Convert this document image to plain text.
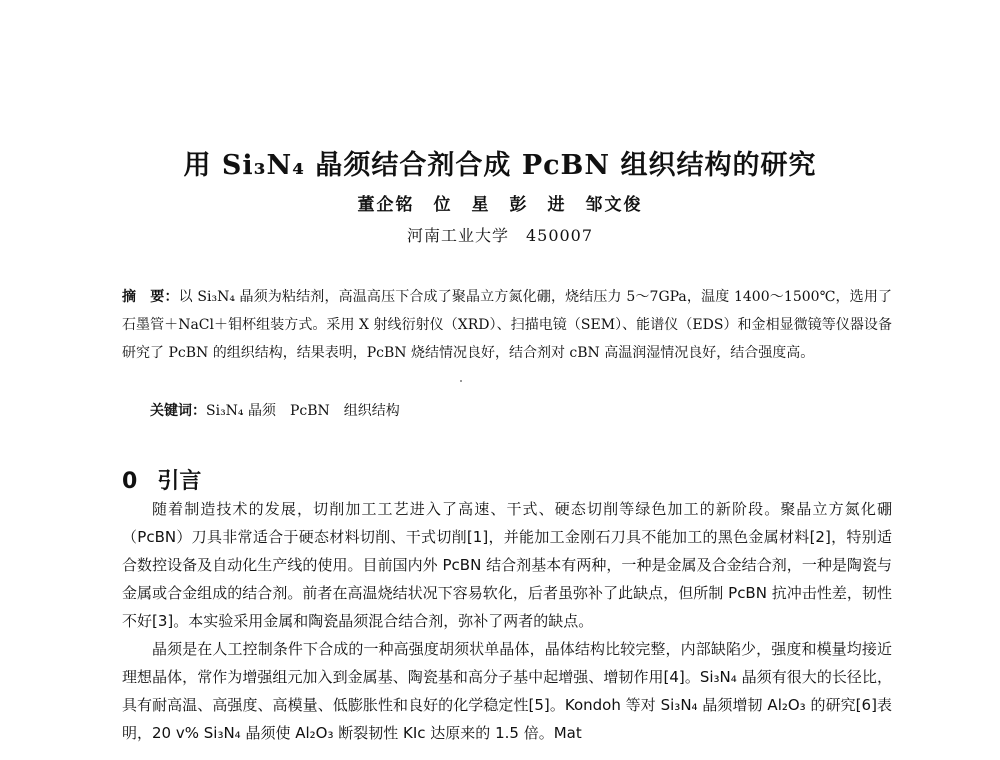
用 Si₃N₄ 晶须结合剂合成 PcBN 组织结构的研究
董企铭　位　星　彭　进　邹文俊
河南工业大学　450007
摘　要：以 Si₃N₄ 晶须为粘结剂，高温高压下合成了聚晶立方氮化硼，烧结压力 5～7GPa，温度 1400～1500℃，选用了石墨管＋NaCl＋钼杯组装方式。采用 X 射线衍射仪（XRD）、扫描电镜（SEM）、能谱仪（EDS）和金相显微镜等仪器设备研究了 PcBN 的组织结构，结果表明，PcBN 烧结情况良好，结合剂对 cBN 高温润湿情况良好，结合强度高。
关键词：Si₃N₄ 晶须　PcBN　组织结构
0 引言

随着制造技术的发展，切削加工工艺进入了高速、干式、硬态切削等绿色加工的新阶段。聚晶立方氮化硼（PcBN）刀具非常适合于硬态材料切削、干式切削[1]，并能加工金刚石刀具不能加工的黑色金属材料[2]，特别适合数控设备及自动化生产线的使用。目前国内外 PcBN 结合剂基本有两种，一种是金属及合金结合剂，一种是陶瓷与金属或合金组成的结合剂。前者在高温烧结状况下容易软化，后者虽弥补了此缺点，但所制 PcBN 抗冲击性差，韧性不好[3]。本实验采用金属和陶瓷晶须混合结合剂，弥补了两者的缺点。

晶须是在人工控制条件下合成的一种高强度胡须状单晶体，晶体结构比较完整，内部缺陷少，强度和模量均接近理想晶体，常作为增强组元加入到金属基、陶瓷基和高分子基中起增强、增韧作用[4]。Si₃N₄ 晶须有很大的长径比，具有耐高温、高强度、高模量、低膨胀性和良好的化学稳定性[5]。Kondoh 等对 Si₃N₄ 晶须增韧 Al₂O₃ 的研究[6]表明，20 v% Si₃N₄ 晶须使 Al₂O₃ 断裂韧性 KIc 达原来的 1.5 倍。Mat
